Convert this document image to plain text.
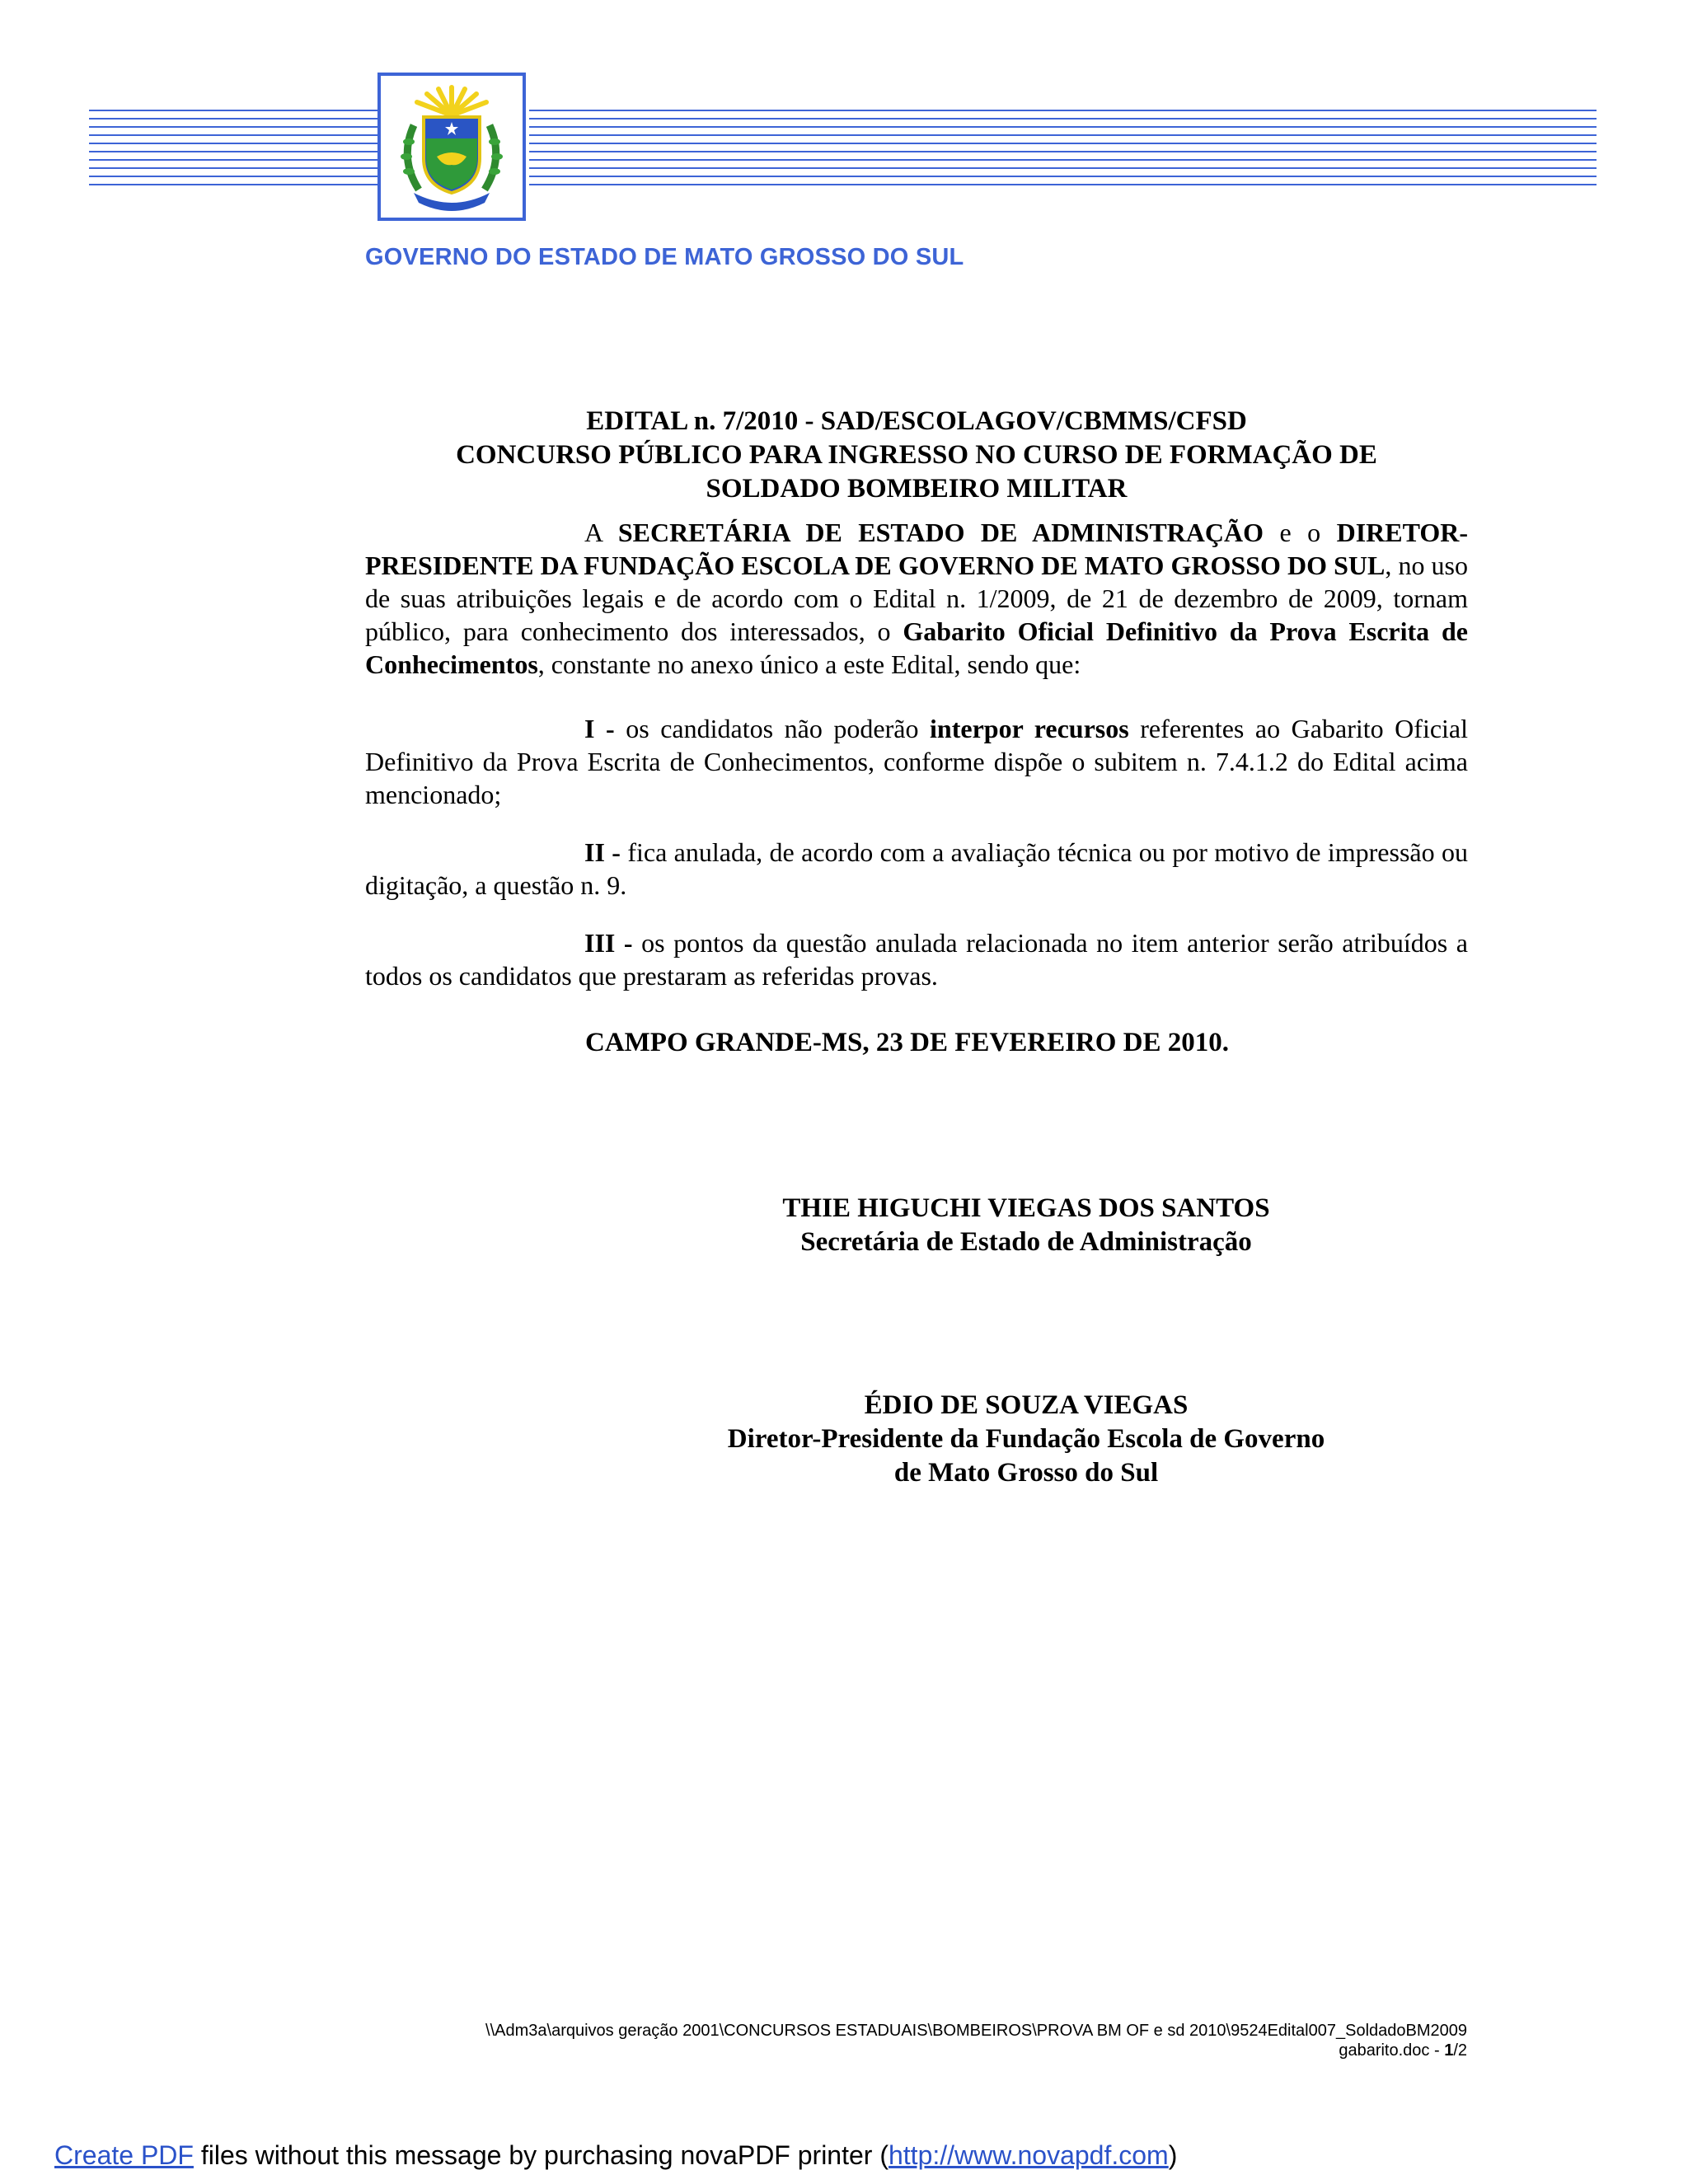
GOVERNO DO ESTADO DE MATO GROSSO DO SUL
EDITAL n. 7/2010 - SAD/ESCOLAGOV/CBMMS/CFSD
CONCURSO PÚBLICO PARA INGRESSO NO CURSO DE FORMAÇÃO DE
SOLDADO BOMBEIRO MILITAR
A SECRETÁRIA DE ESTADO DE ADMINISTRAÇÃO e o DIRETOR-PRESIDENTE DA FUNDAÇÃO ESCOLA DE GOVERNO DE MATO GROSSO DO SUL, no uso de suas atribuições legais e de acordo com o Edital n. 1/2009, de 21 de dezembro de 2009, tornam público, para conhecimento dos interessados, o Gabarito Oficial Definitivo da Prova Escrita de Conhecimentos, constante no anexo único a este Edital, sendo que:
I - os candidatos não poderão interpor recursos referentes ao Gabarito Oficial Definitivo da Prova Escrita de Conhecimentos, conforme dispõe o subitem n. 7.4.1.2 do Edital acima mencionado;
II - fica anulada, de acordo com a avaliação técnica ou por motivo de impressão ou digitação, a questão n. 9.
III - os pontos da questão anulada relacionada no item anterior serão atribuídos a todos os candidatos que prestaram as referidas provas.
CAMPO GRANDE-MS, 23 DE FEVEREIRO DE 2010.
THIE HIGUCHI VIEGAS DOS SANTOS
Secretária de Estado de Administração
ÉDIO DE SOUZA VIEGAS
Diretor-Presidente da Fundação Escola de Governo
de Mato Grosso do Sul
\\Adm3a\arquivos geração 2001\CONCURSOS ESTADUAIS\BOMBEIROS\PROVA BM OF e sd 2010\9524Edital007_SoldadoBM2009
gabarito.doc - 1/2
Create PDF files without this message by purchasing novaPDF printer (http://www.novapdf.com)
